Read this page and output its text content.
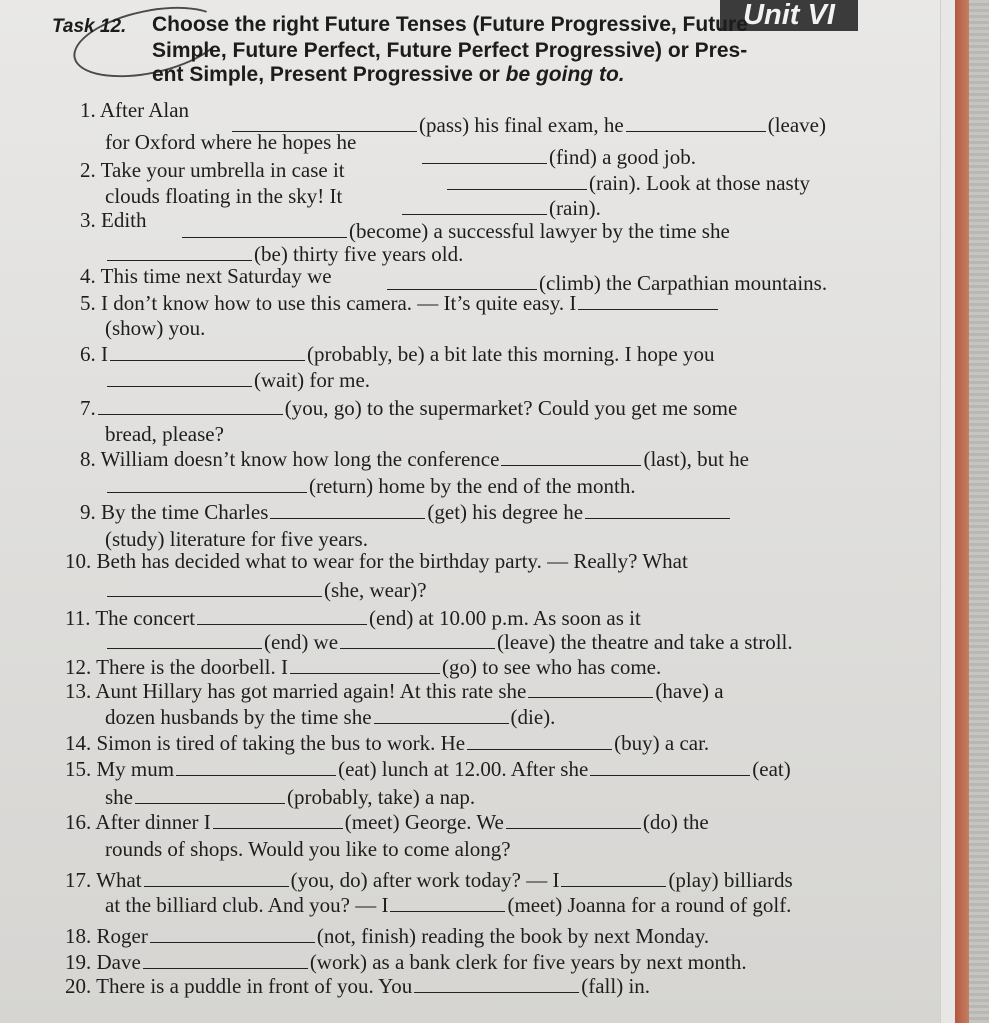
Unit VI
Task 12. Choose the right Future Tenses (Future Progressive, Future
Simple, Future Perfect, Future Perfect Progressive) or Pres-
ent Simple, Present Progressive or be going to.
1. After Alan
(pass) his final exam, he	(leave)
for Oxford where he hopes he
(find) a good job.
2. Take your umbrella in case it
(rain). Look at those nasty
clouds floating in the sky! It	(rain).
3. Edith	(become) a successful lawyer by the time she
(be) thirty five years old.
4. This time next Saturday we	(climb) the Carpathian mountains.
5. I don’t know how to use this camera. — It’s quite easy. I
(show) you.
6. I	(probably, be) a bit late this morning. I hope you
(wait) for me.
7.	(you, go) to the supermarket? Could you get me some
bread, please?
8. William doesn’t know how long the conference	(last), but he
(return) home by the end of the month.
9. By the time Charles	(get) his degree he
(study) literature for five years.
10. Beth has decided what to wear for the birthday party. — Really? What
(she, wear)?
11. The concert	(end) at 10.00 p.m. As soon as it
(end) we	(leave) the theatre and take a stroll.
12. There is the doorbell. I	(go) to see who has come.
13. Aunt Hillary has got married again! At this rate she	(have) a
dozen husbands by the time she	(die).
14. Simon is tired of taking the bus to work. He	(buy) a car.
15. My mum	(eat) lunch at 12.00. After she	(eat)
she	(probably, take) a nap.
16. After dinner I	(meet) George. We	(do) the
rounds of shops. Would you like to come along?
17. What	(you, do) after work today? — I	(play) billiards
at the billiard club. And you? — I	(meet) Joanna for a round of golf.
18. Roger	(not, finish) reading the book by next Monday.
19. Dave	(work) as a bank clerk for five years by next month.
20. There is a puddle in front of you. You	(fall) in.
